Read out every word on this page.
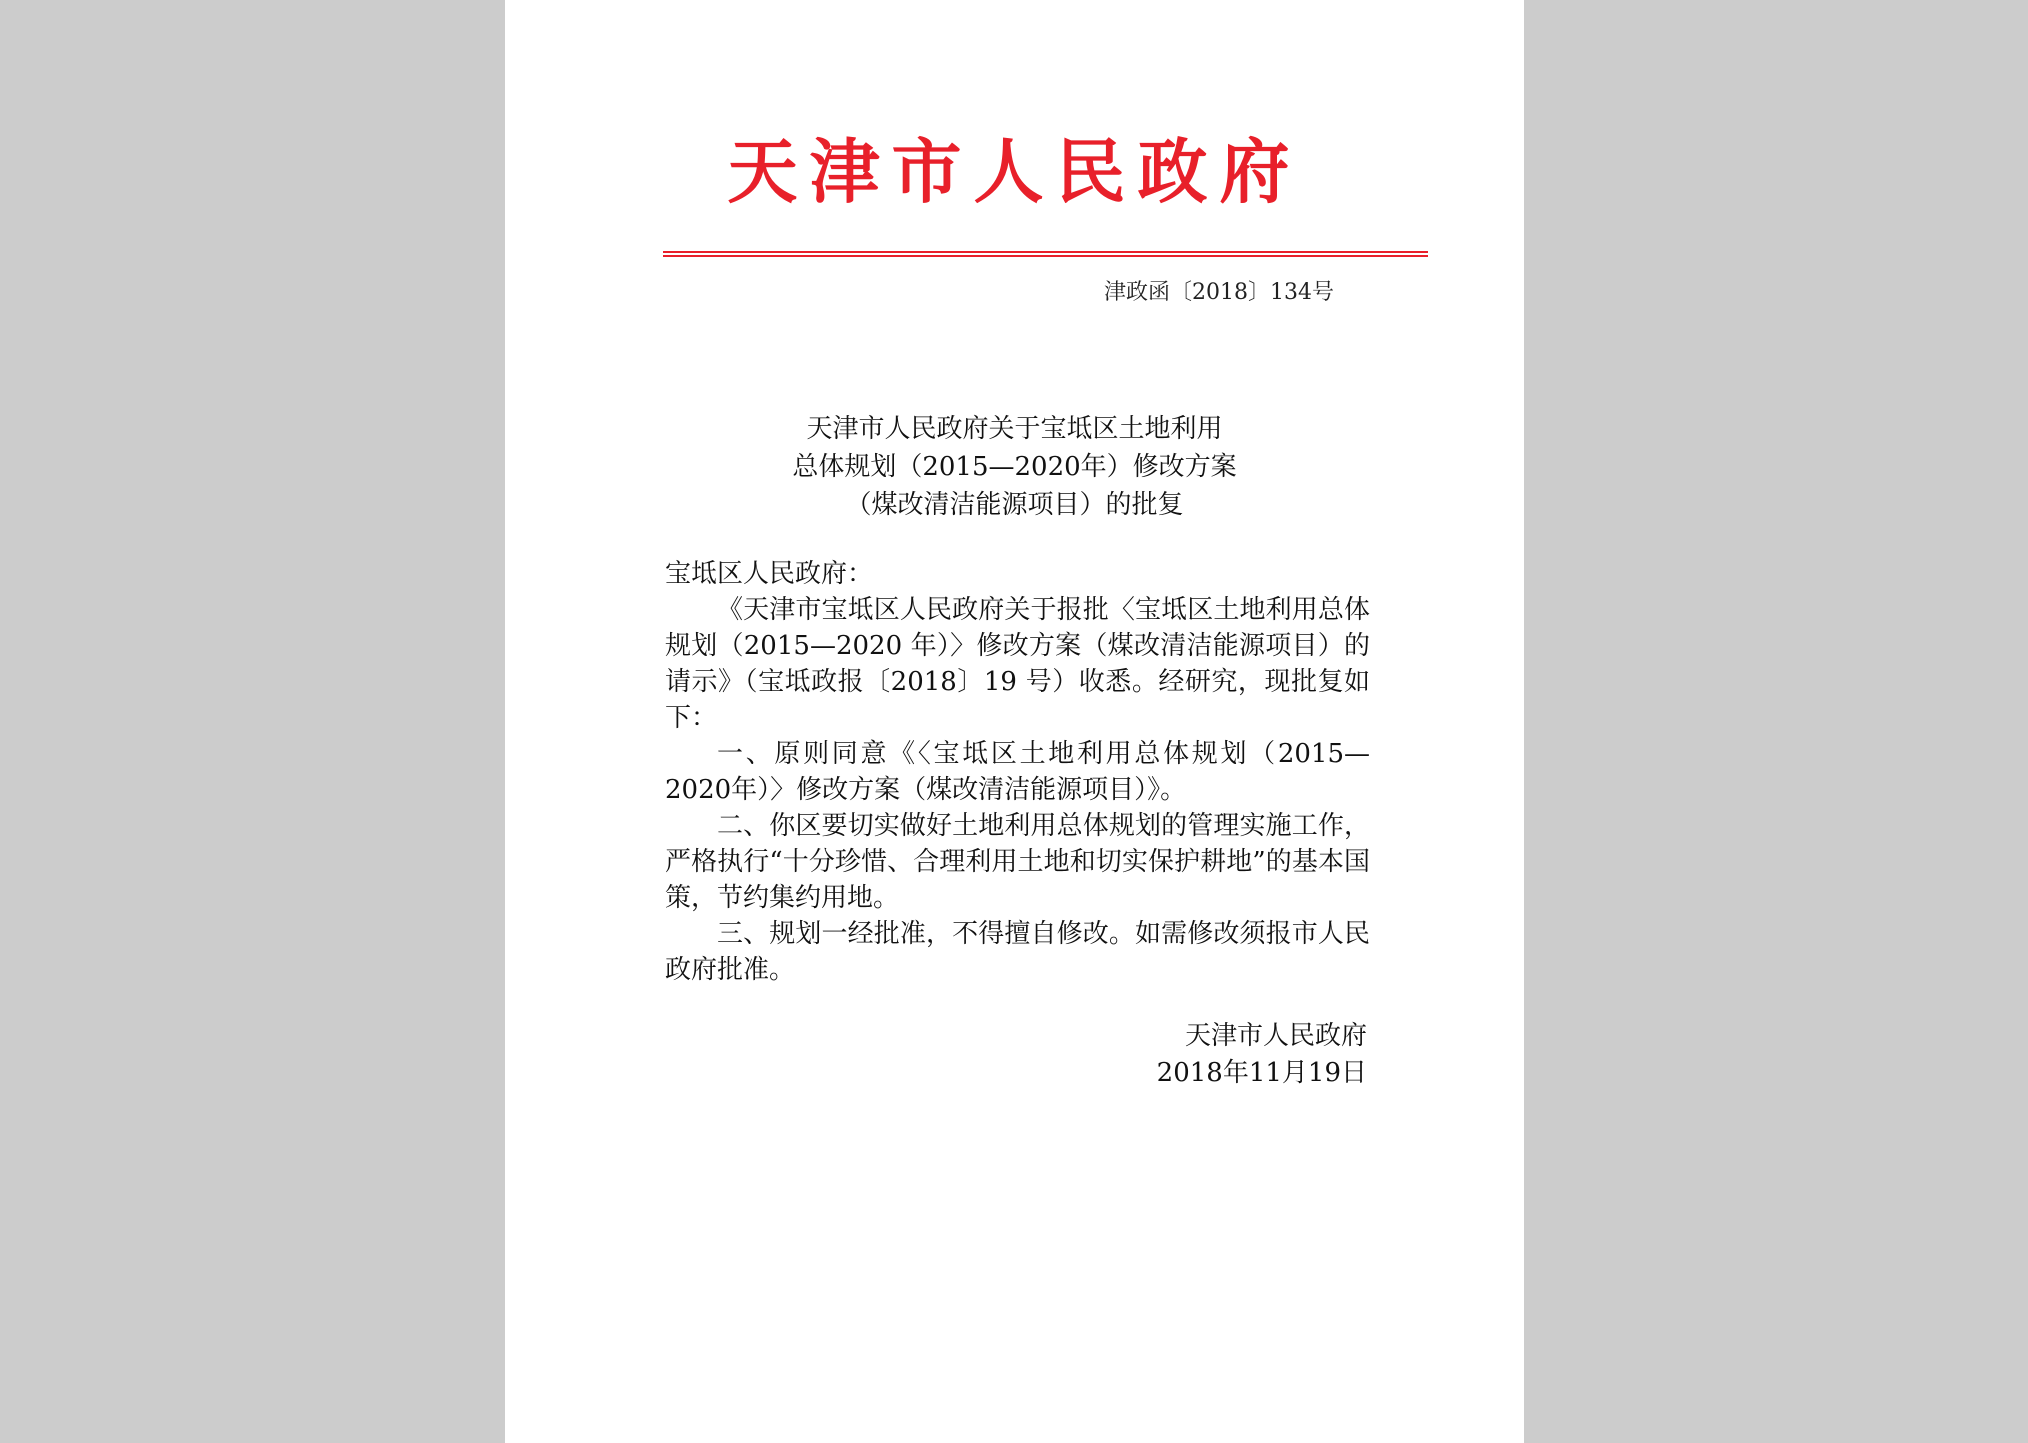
天津市人民政府
津政函〔2018〕134号
天津市人民政府关于宝坻区土地利用
总体规划（2015—2020年）修改方案
（煤改清洁能源项目）的批复

宝坻区人民政府：

《天津市宝坻区人民政府关于报批〈宝坻区土地利用总体规划（2015—2020 年）〉修改方案（煤改清洁能源项目）的请示》（宝坻政报〔2018〕19 号）收悉。经研究，现批复如下：

一、原则同意《〈宝坻区土地利用总体规划（2015—2020年）〉修改方案（煤改清洁能源项目）》。

二、你区要切实做好土地利用总体规划的管理实施工作，严格执行“十分珍惜、合理利用土地和切实保护耕地”的基本国策，节约集约用地。

三、规划一经批准，不得擅自修改。如需修改须报市人民政府批准。

天津市人民政府
2018年11月19日
